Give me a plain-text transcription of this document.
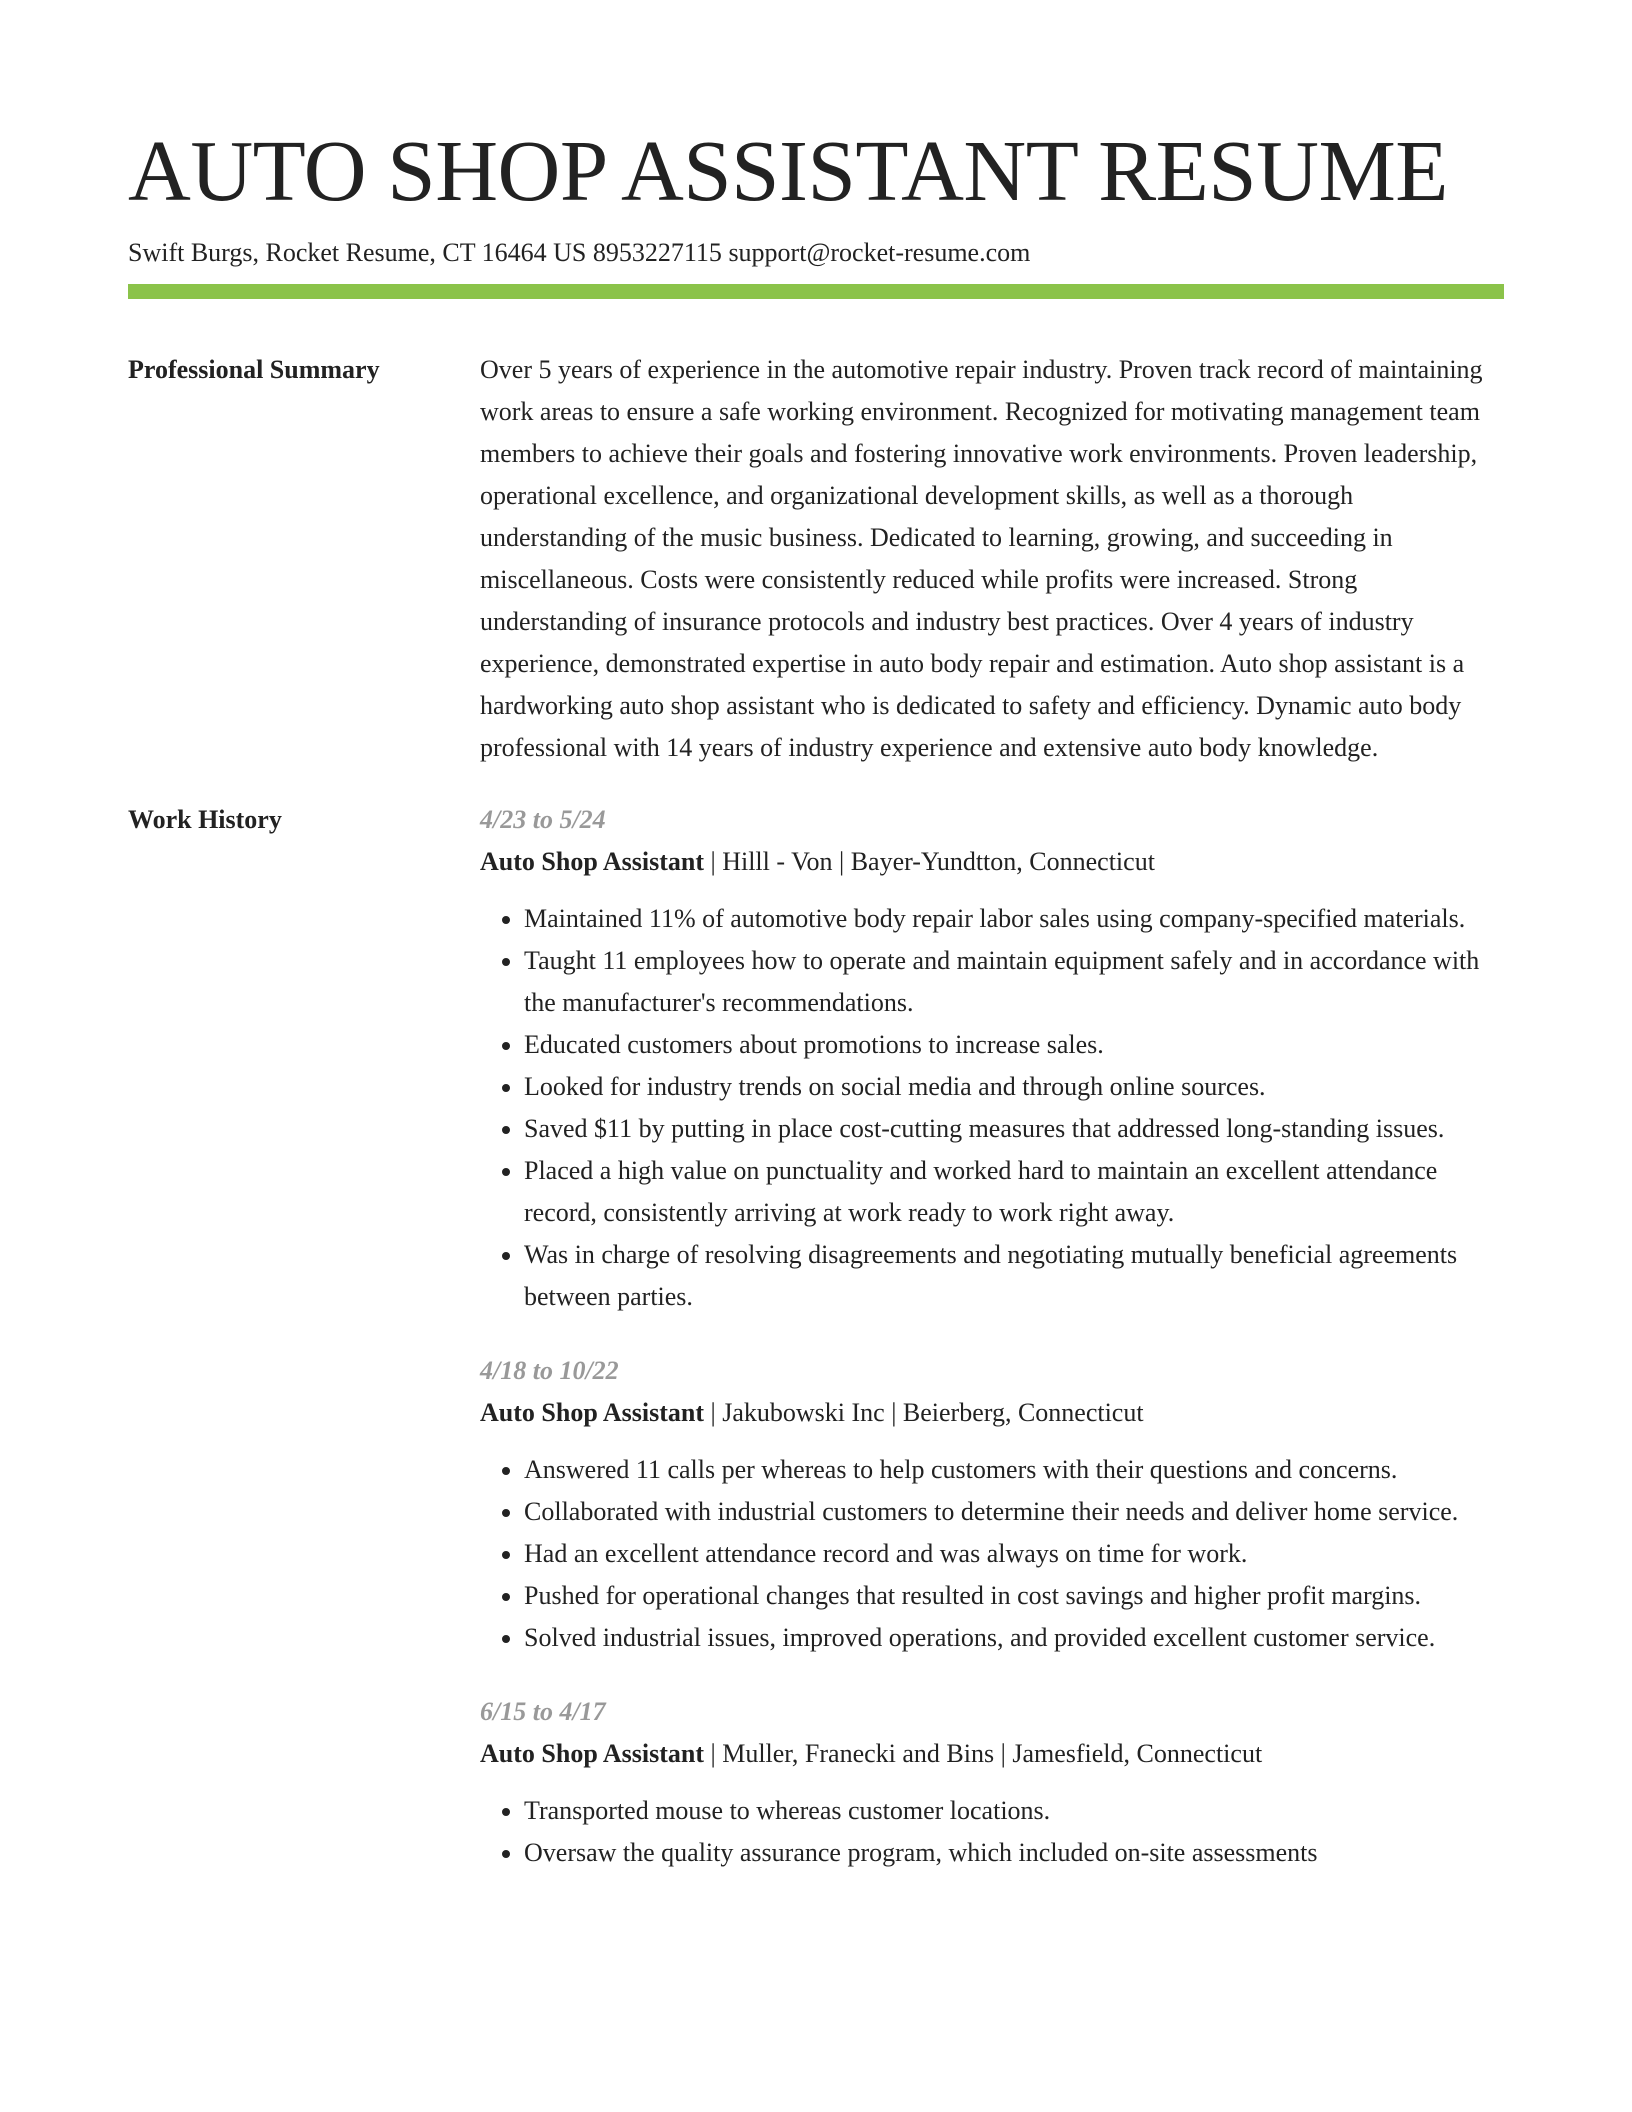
AUTO SHOP ASSISTANT RESUME
Swift Burgs, Rocket Resume, CT 16464 US 8953227115 support@rocket-resume.com
Professional Summary	Over 5 years of experience in the automotive repair industry. Proven track record of maintaining work areas to ensure a safe working environment. Recognized for motivating management team members to achieve their goals and fostering innovative work environments. Proven leadership, operational excellence, and organizational development skills, as well as a thorough understanding of the music business. Dedicated to learning, growing, and succeeding in miscellaneous. Costs were consistently reduced while profits were increased. Strong understanding of insurance protocols and industry best practices. Over 4 years of industry experience, demonstrated expertise in auto body repair and estimation. Auto shop assistant is a hardworking auto shop assistant who is dedicated to safety and efficiency. Dynamic auto body professional with 14 years of industry experience and extensive auto body knowledge.
Work History	4/23 to 5/24
Auto Shop Assistant | Hilll - Von | Bayer-Yundtton, Connecticut
• Maintained 11% of automotive body repair labor sales using company-specified materials.
• Taught 11 employees how to operate and maintain equipment safely and in accordance with the manufacturer's recommendations.
• Educated customers about promotions to increase sales.
• Looked for industry trends on social media and through online sources.
• Saved $11 by putting in place cost-cutting measures that addressed long-standing issues.
• Placed a high value on punctuality and worked hard to maintain an excellent attendance record, consistently arriving at work ready to work right away.
• Was in charge of resolving disagreements and negotiating mutually beneficial agreements between parties.
4/18 to 10/22
Auto Shop Assistant | Jakubowski Inc | Beierberg, Connecticut
• Answered 11 calls per whereas to help customers with their questions and concerns.
• Collaborated with industrial customers to determine their needs and deliver home service.
• Had an excellent attendance record and was always on time for work.
• Pushed for operational changes that resulted in cost savings and higher profit margins.
• Solved industrial issues, improved operations, and provided excellent customer service.
6/15 to 4/17
Auto Shop Assistant | Muller, Franecki and Bins | Jamesfield, Connecticut
• Transported mouse to whereas customer locations.
• Oversaw the quality assurance program, which included on-site assessments
